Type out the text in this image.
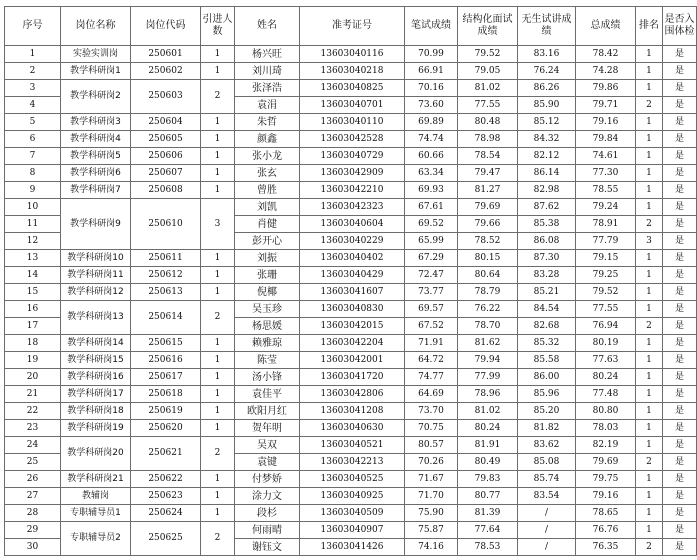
序号	岗位名称	岗位代码	引进人数	姓名	准考证号	笔试成绩	结构化面试成绩	无生试讲成绩	总成绩	排名	是否入围体检
1	实验实训岗	250601	1	杨兴旺	13603040116	70.99	79.52	83.16	78.42	1	是
2	教学科研岗1	250602	1	刘川琦	13603040218	66.91	79.05	76.24	74.28	1	是
3	教学科研岗2	250603	2	张泽浩	13603040825	70.16	81.02	86.26	79.86	1	是
4				袁涓	13603040701	73.60	77.55	85.90	79.71	2	是
5	教学科研岗3	250604	1	朱哲	13603040110	69.89	80.48	85.12	79.16	1	是
6	教学科研岗4	250605	1	颜鑫	13603042528	74.74	78.98	84.32	79.84	1	是
7	教学科研岗5	250606	1	张小龙	13603040729	60.66	78.54	82.12	74.61	1	是
8	教学科研岗6	250607	1	张玄	13603042909	63.34	79.47	86.14	77.30	1	是
9	教学科研岗7	250608	1	曾胜	13603042210	69.93	81.27	82.98	78.55	1	是
10	教学科研岗9	250610	3	刘凯	13603042323	67.61	79.69	87.62	79.24	1	是
11				肖健	13603040604	69.52	79.66	85.38	78.91	2	是
12				彭开心	13603040229	65.99	78.52	86.08	77.79	3	是
13	教学科研岗10	250611	1	刘振	13603040402	67.29	80.15	87.30	79.15	1	是
14	教学科研岗11	250612	1	张珊	13603040429	72.47	80.64	83.28	79.25	1	是
15	教学科研岗12	250613	1	倪椰	13603041607	73.77	78.79	85.21	79.52	1	是
16	教学科研岗13	250614	2	吴玉珍	13603040830	69.57	76.22	84.54	77.55	1	是
17				杨思媛	13603042015	67.52	78.70	82.68	76.94	2	是
18	教学科研岗14	250615	1	赖雅琼	13603042204	71.91	81.62	85.32	80.19	1	是
19	教学科研岗15	250616	1	陈莹	13603042001	64.72	79.94	85.58	77.63	1	是
20	教学科研岗16	250617	1	汤小锋	13603041720	74.77	77.99	86.00	80.24	1	是
21	教学科研岗17	250618	1	袁佳平	13603042806	64.69	78.96	85.96	77.48	1	是
22	教学科研岗18	250619	1	欧阳月红	13603041208	73.70	81.02	85.20	80.80	1	是
23	教学科研岗19	250620	1	贺年明	13603040630	70.75	80.24	81.82	78.03	1	是
24	教学科研岗20	250621	2	吴双	13603040521	80.57	81.91	83.62	82.19	1	是
25				袁键	13603042213	70.26	80.49	85.08	79.69	2	是
26	教学科研岗21	250622	1	付梦娇	13603040525	71.67	79.83	85.74	79.75	1	是
27	教辅岗	250623	1	涂力文	13603040925	71.70	80.77	83.54	79.16	1	是
28	专职辅导员1	250624	1	段杉	13603040509	75.90	81.39	/	78.65	1	是
29	专职辅导员2	250625	2	何雨晴	13603040907	75.87	77.64	/	76.76	1	是
30				谢钰文	13603041426	74.16	78.53	/	76.35	2	是
